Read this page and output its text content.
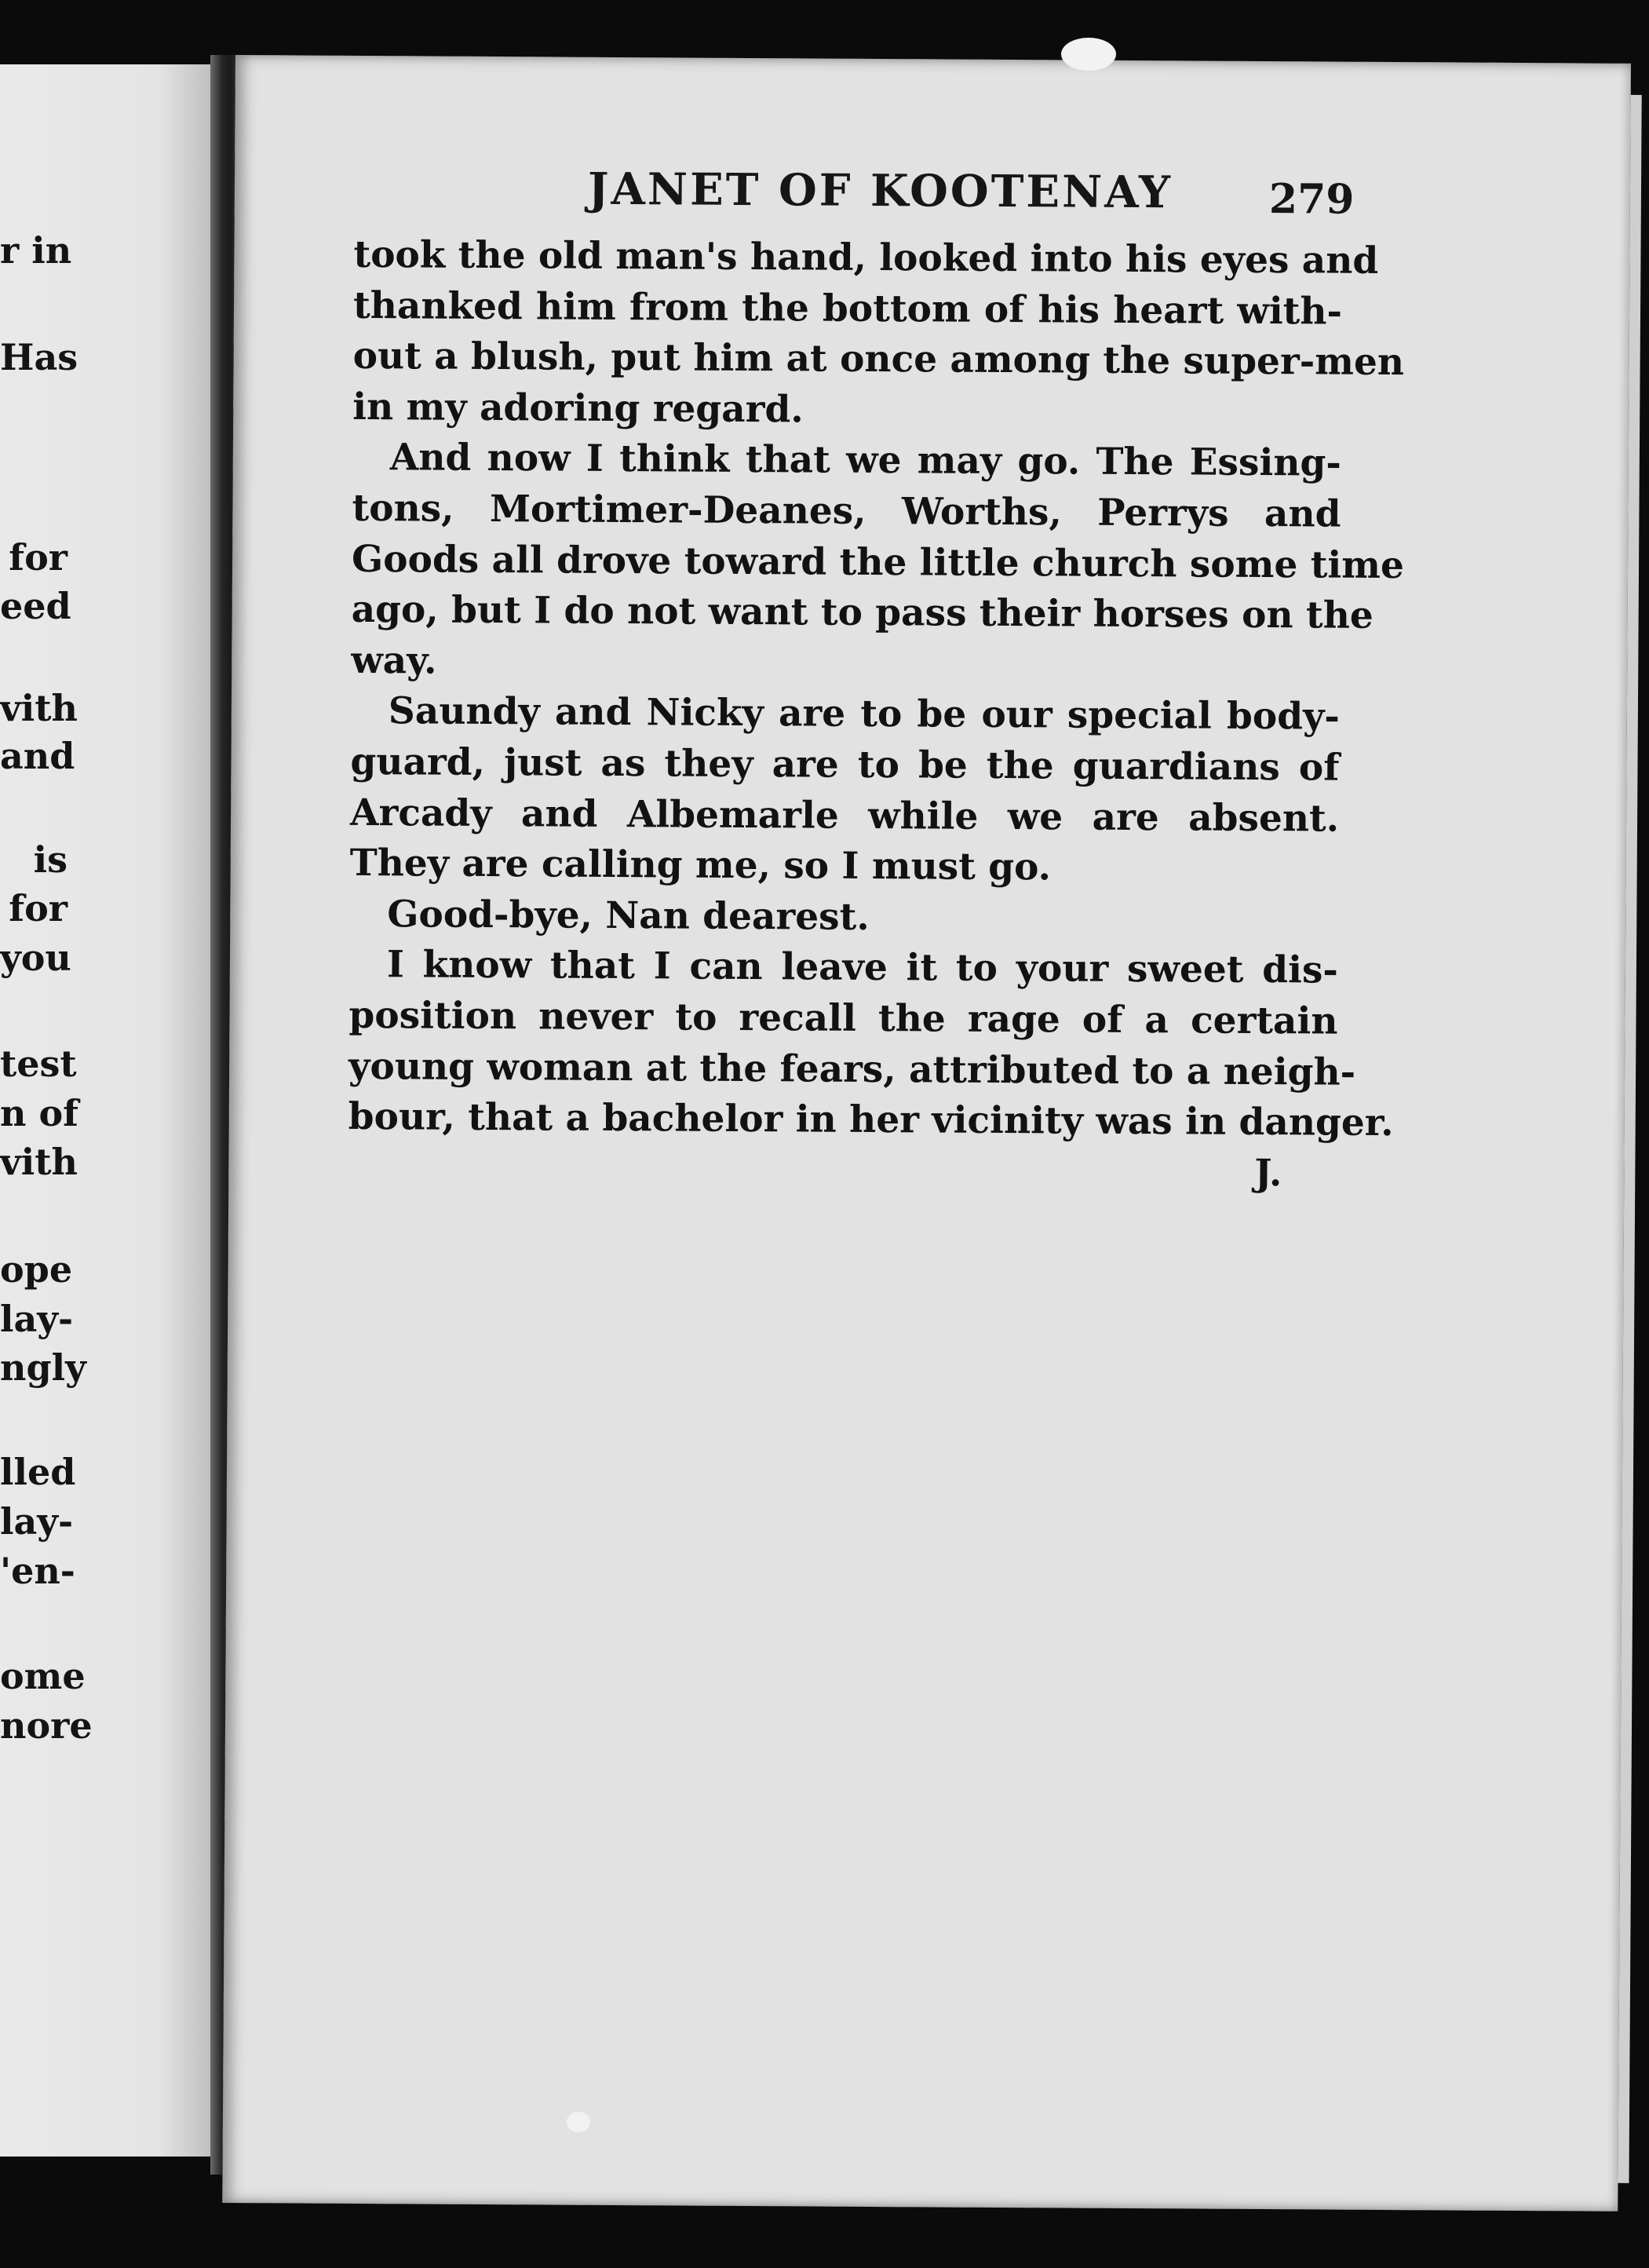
r in
Has
for
eed
vith
and
is
for
you
test
n of
vith
ope
lay-
ngly
lled
lay-
'en-
ome
nore
JANET OF KOOTENAY 279
took the old man's hand, looked into his eyes and
thanked him from the bottom of his heart with-
out a blush, put him at once among the super-men
in my adoring regard.
And now I think that we may go. The Essing-
tons, Mortimer-Deanes, Worths, Perrys and
Goods all drove toward the little church some time
ago, but I do not want to pass their horses on the
way.
Saundy and Nicky are to be our special body-
guard, just as they are to be the guardians of
Arcady and Albemarle while we are absent.
They are calling me, so I must go.
Good-bye, Nan dearest.
I know that I can leave it to your sweet dis-
position never to recall the rage of a certain
young woman at the fears, attributed to a neigh-
bour, that a bachelor in her vicinity was in danger.
J.
